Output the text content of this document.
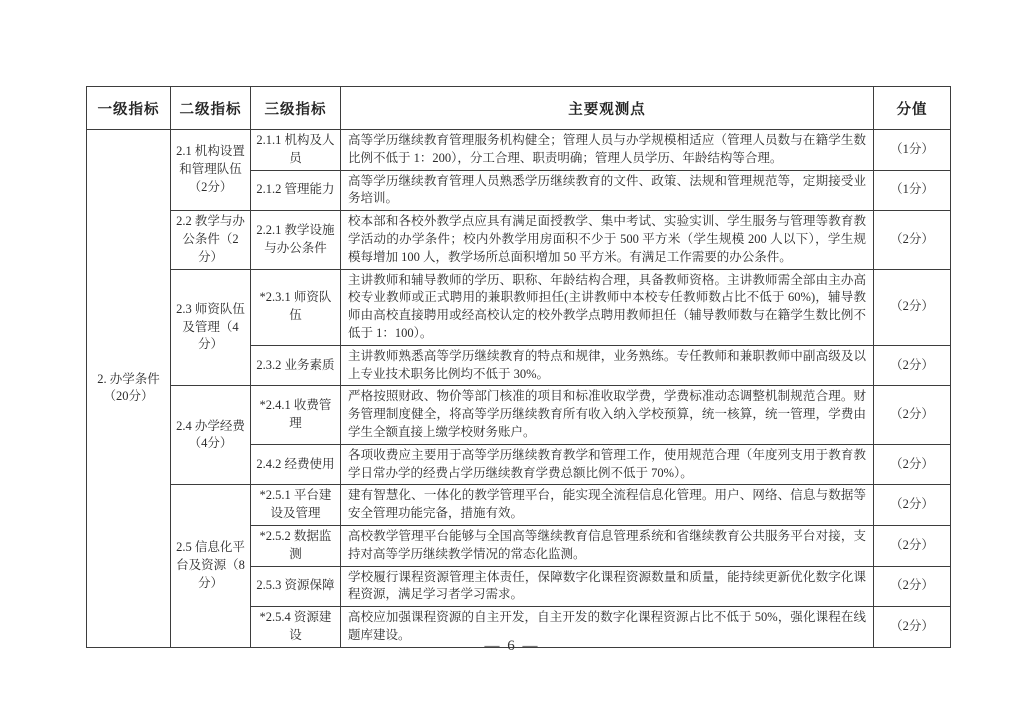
一级指标	二级指标	三级指标	主要观测点	分值
2. 办学条件（20分）	2.1 机构设置和管理队伍（2分）	2.1.1 机构及人员	高等学历继续教育管理服务机构健全；管理人员与办学规模相适应（管理人员数与在籍学生数比例不低于 1：200），分工合理、职责明确；管理人员学历、年龄结构等合理。	（1分）
		2.1.2 管理能力	高等学历继续教育管理人员熟悉学历继续教育的文件、政策、法规和管理规范等，定期接受业务培训。	（1分）
	2.2 教学与办公条件（2分）	2.2.1 教学设施与办公条件	校本部和各校外教学点应具有满足面授教学、集中考试、实验实训、学生服务与管理等教育教学活动的办学条件；校内外教学用房面积不少于 500 平方米（学生规模 200 人以下），学生规模每增加 100 人，教学场所总面积增加 50 平方米。有满足工作需要的办公条件。	（2分）
	2.3 师资队伍及管理（4分）	*2.3.1 师资队伍	主讲教师和辅导教师的学历、职称、年龄结构合理，具备教师资格。主讲教师需全部由主办高校专业教师或正式聘用的兼职教师担任(主讲教师中本校专任教师数占比不低于 60%)，辅导教师由高校直接聘用或经高校认定的校外教学点聘用教师担任（辅导教师数与在籍学生数比例不低于 1：100）。	（2分）
		2.3.2 业务素质	主讲教师熟悉高等学历继续教育的特点和规律，业务熟练。专任教师和兼职教师中副高级及以上专业技术职务比例均不低于 30%。	（2分）
	2.4 办学经费（4分）	*2.4.1 收费管理	严格按照财政、物价等部门核准的项目和标准收取学费，学费标准动态调整机制规范合理。财务管理制度健全，将高等学历继续教育所有收入纳入学校预算，统一核算，统一管理，学费由学生全额直接上缴学校财务账户。	（2分）
		2.4.2 经费使用	各项收费应主要用于高等学历继续教育教学和管理工作，使用规范合理（年度列支用于教育教学日常办学的经费占学历继续教育学费总额比例不低于 70%）。	（2分）
	2.5 信息化平台及资源（8分）	*2.5.1 平台建设及管理	建有智慧化、一体化的教学管理平台，能实现全流程信息化管理。用户、网络、信息与数据等安全管理功能完备，措施有效。	（2分）
		*2.5.2 数据监测	高校教学管理平台能够与全国高等继续教育信息管理系统和省继续教育公共服务平台对接，支持对高等学历继续教学情况的常态化监测。	（2分）
		2.5.3 资源保障	学校履行课程资源管理主体责任，保障数字化课程资源数量和质量，能持续更新优化数字化课程资源，满足学习者学习需求。	（2分）
		*2.5.4 资源建设	高校应加强课程资源的自主开发，自主开发的数字化课程资源占比不低于 50%，强化课程在线题库建设。	（2分）
— 6 —
